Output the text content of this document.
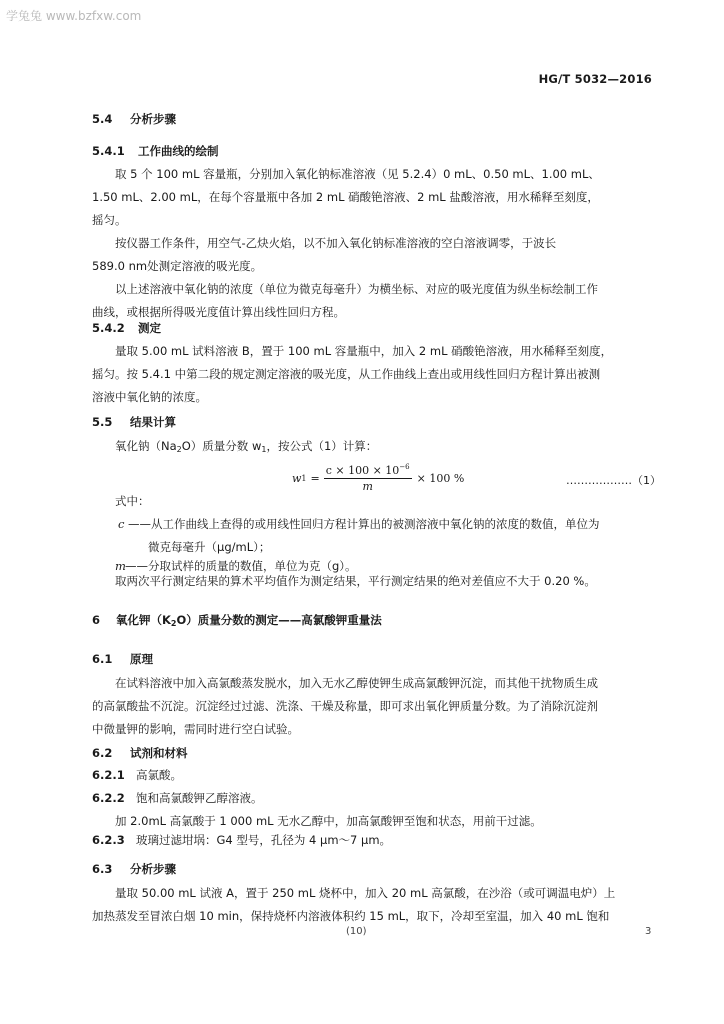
学兔兔 www.bzfxw.com
HG/T 5032—2016
5.4 分析步骤
5.4.1 工作曲线的绘制
取 5 个 100 mL 容量瓶，分别加入氧化钠标准溶液（见 5.2.4）0 mL、0.50 mL、1.00 mL、
1.50 mL、2.00 mL，在每个容量瓶中各加 2 mL 硝酸铯溶液、2 mL 盐酸溶液，用水稀释至刻度，
摇匀。
按仪器工作条件，用空气-乙炔火焰，以不加入氧化钠标准溶液的空白溶液调零，于波长
589.0 nm处测定溶液的吸光度。
以上述溶液中氧化钠的浓度（单位为微克每毫升）为横坐标、对应的吸光度值为纵坐标绘制工作
曲线，或根据所得吸光度值计算出线性回归方程。
5.4.2 测定
量取 5.00 mL 试料溶液 B，置于 100 mL 容量瓶中，加入 2 mL 硝酸铯溶液，用水稀释至刻度，
摇匀。按 5.4.1 中第二段的规定测定溶液的吸光度，从工作曲线上查出或用线性回归方程计算出被测
溶液中氧化钠的浓度。
5.5 结果计算
氧化钠$(Na_2O)$质量分数 $w_1$，按公式（1）计算：
w $1 = \frac{c \times 100 \times 10^{-6}}{m} \times 100$ %	………………（1）
式中：
c ——从工作曲线上查得的或用线性回归方程计算出的被测溶液中氧化钠的浓度的数值，单位为
微克每毫升（μg/mL）；
m ——分取试样的质量的数值，单位为克（g）。
取两次平行测定结果的算术平均值作为测定结果，平行测定结果的绝对差值应不大于 0.20 %。
6 氧化钾$(K_2O)$质量分数的测定——高氯酸钾重量法
6.1 原理
在试料溶液中加入高氯酸蒸发脱水，加入无水乙醇使钾生成高氯酸钾沉淀，而其他干扰物质生成
的高氯酸盐不沉淀。沉淀经过过滤、洗涤、干燥及称量，即可求出氧化钾质量分数。为了消除沉淀剂
中微量钾的影响，需同时进行空白试验。
6.2 试剂和材料
6.2.1 高氯酸。
6.2.2 饱和高氯酸钾乙醇溶液。
加 2.0mL 高氯酸于 1 000 mL 无水乙醇中，加高氯酸钾至饱和状态，用前干过滤。
6.2.3 玻璃过滤坩埚：G4 型号，孔径为 4 μm～7 μm。
6.3 分析步骤
量取 50.00 mL 试液 A，置于 250 mL 烧杯中，加入 20 mL 高氯酸，在沙浴（或可调温电炉）上
加热蒸发至冒浓白烟 10 min，保持烧杯内溶液体积约 15 mL，取下，冷却至室温，加入 40 mL 饱和
(10)	3
